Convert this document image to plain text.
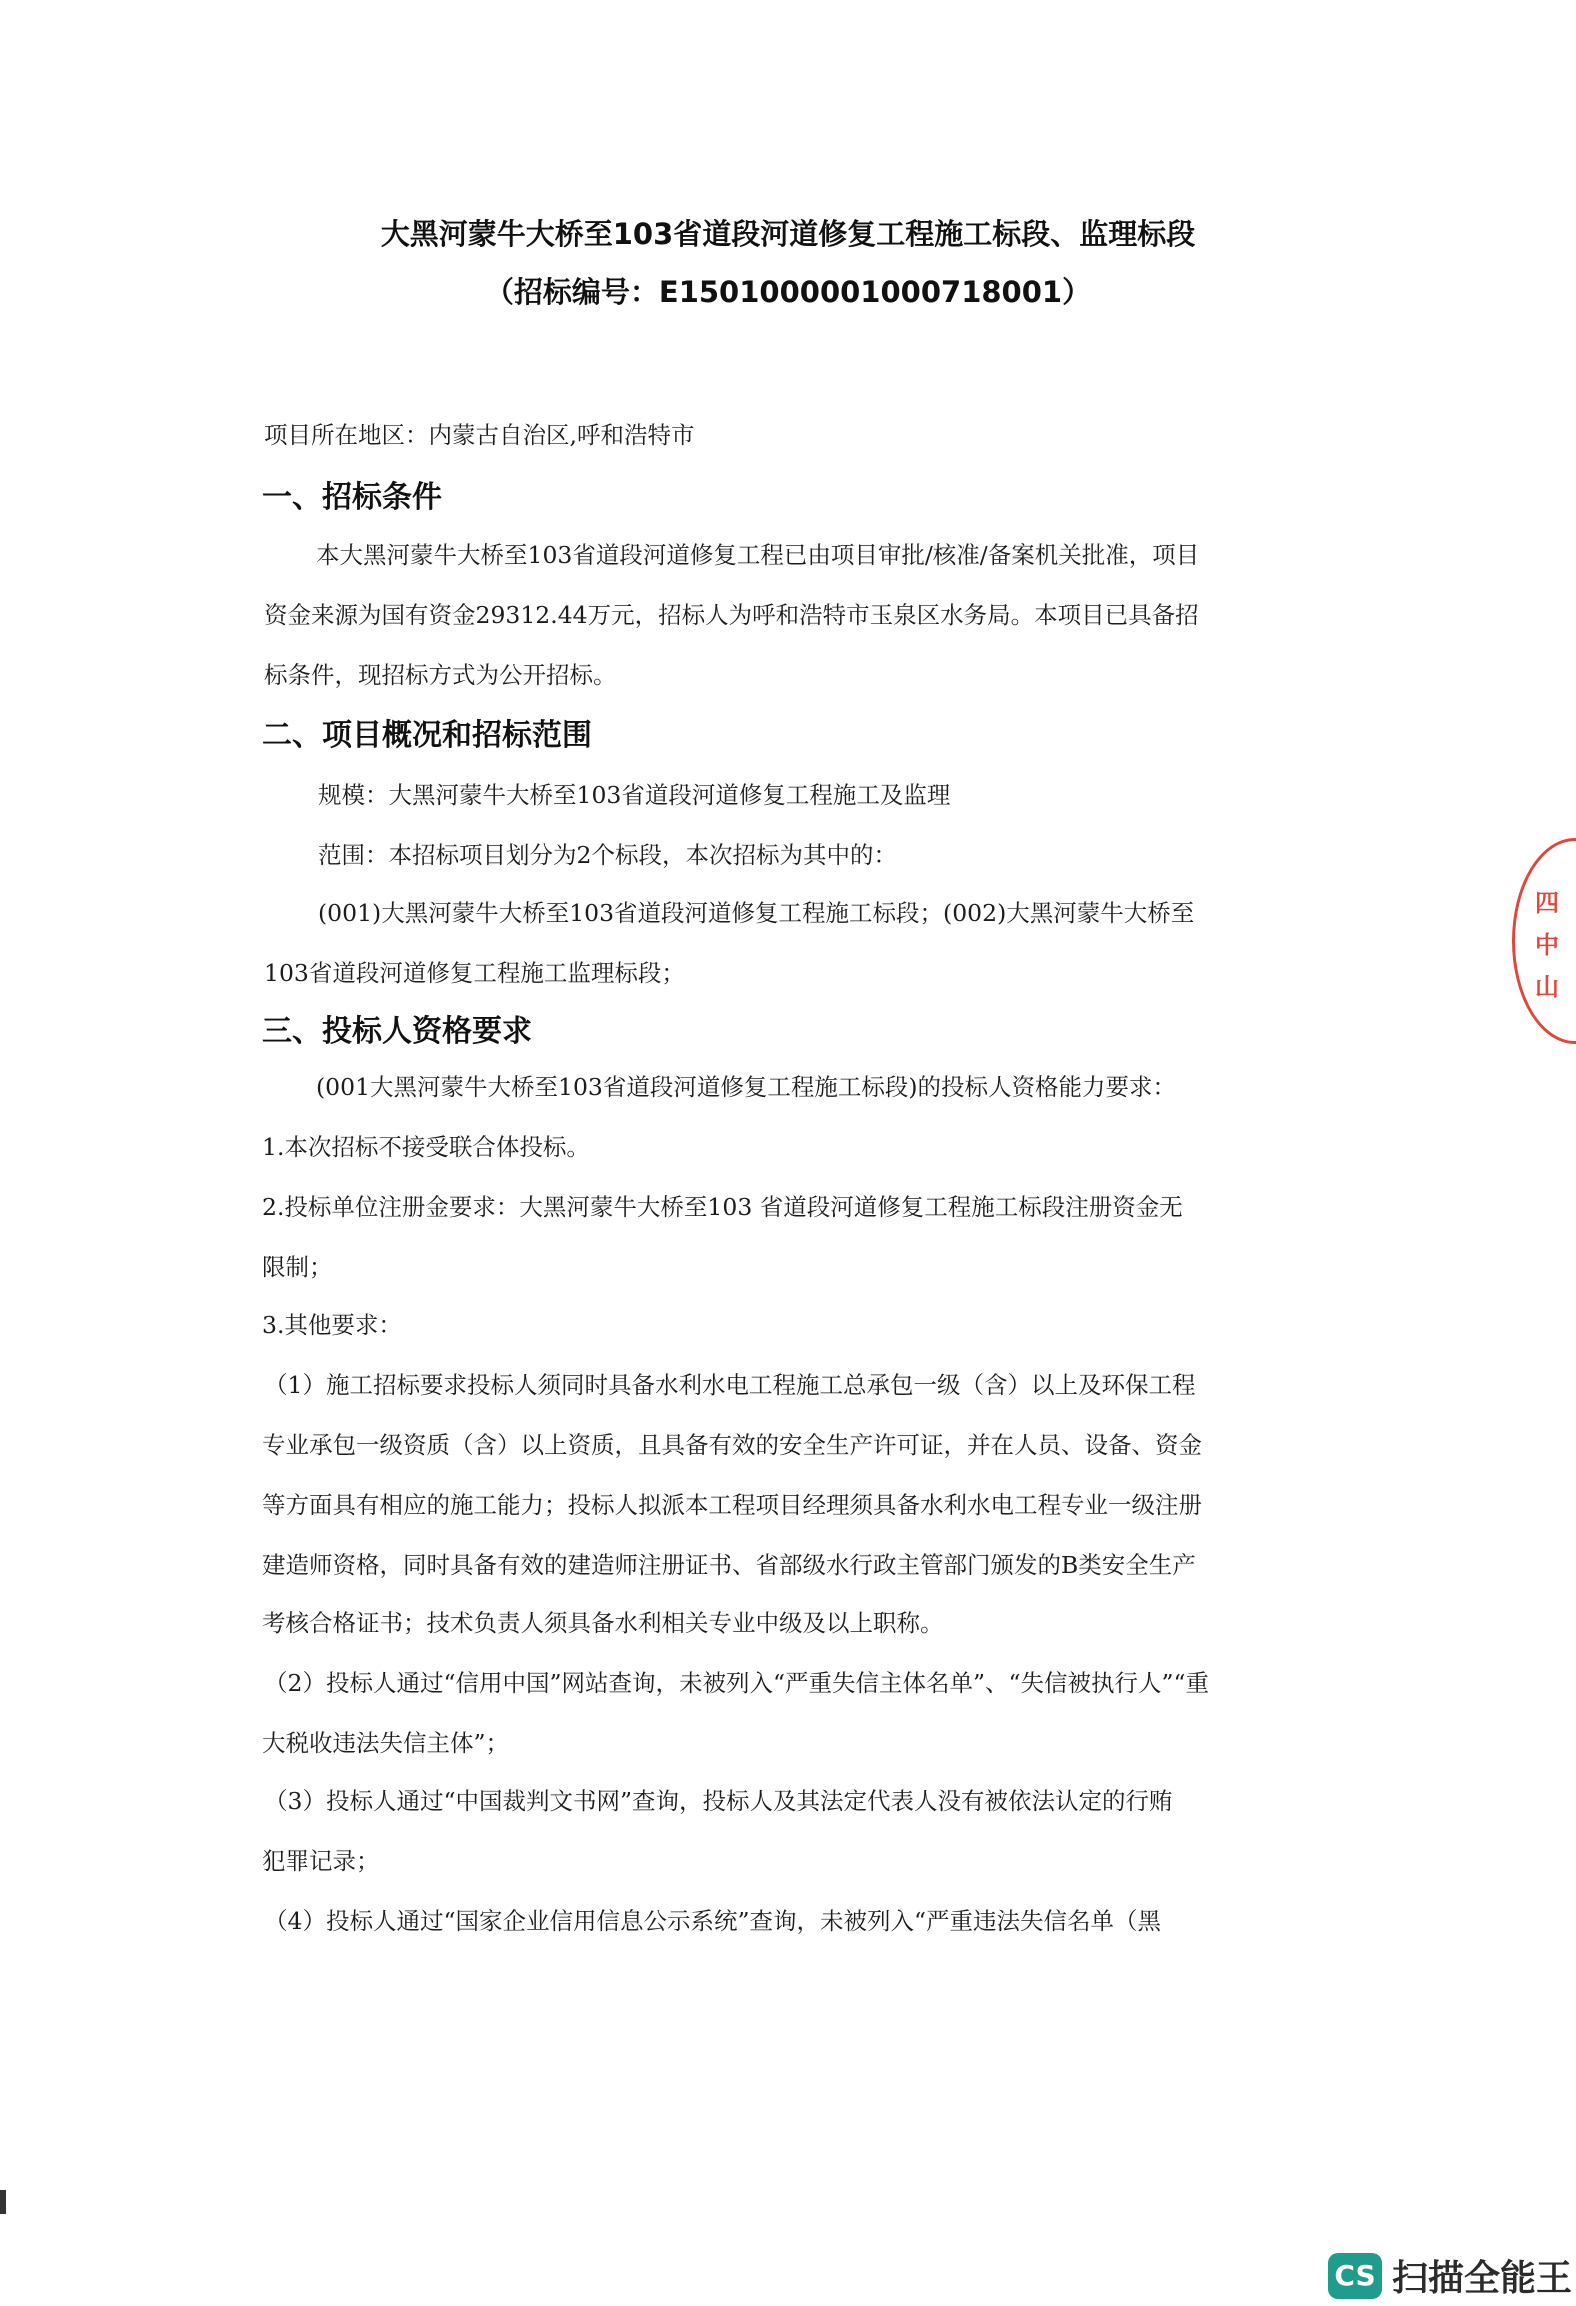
大黑河蒙牛大桥至103省道段河道修复工程施工标段、监理标段
（招标编号：E1501000001000718001）
项目所在地区：内蒙古自治区,呼和浩特市
一、招标条件
本大黑河蒙牛大桥至103省道段河道修复工程已由项目审批/核准/备案机关批准，项目
资金来源为国有资金29312.44万元，招标人为呼和浩特市玉泉区水务局。本项目已具备招
标条件，现招标方式为公开招标。
二、项目概况和招标范围
规模：大黑河蒙牛大桥至103省道段河道修复工程施工及监理
范围：本招标项目划分为2个标段，本次招标为其中的：
(001)大黑河蒙牛大桥至103省道段河道修复工程施工标段；(002)大黑河蒙牛大桥至
103省道段河道修复工程施工监理标段；
三、投标人资格要求
(001大黑河蒙牛大桥至103省道段河道修复工程施工标段)的投标人资格能力要求：
1.本次招标不接受联合体投标。
2.投标单位注册金要求：大黑河蒙牛大桥至103 省道段河道修复工程施工标段注册资金无
限制；
3.其他要求：
（1）施工招标要求投标人须同时具备水利水电工程施工总承包一级（含）以上及环保工程
专业承包一级资质（含）以上资质，且具备有效的安全生产许可证，并在人员、设备、资金
等方面具有相应的施工能力；投标人拟派本工程项目经理须具备水利水电工程专业一级注册
建造师资格，同时具备有效的建造师注册证书、省部级水行政主管部门颁发的B类安全生产
考核合格证书；技术负责人须具备水利相关专业中级及以上职称。
（2）投标人通过“信用中国”网站查询，未被列入“严重失信主体名单”、“失信被执行人”“重
大税收违法失信主体”；
（3）投标人通过“中国裁判文书网”查询，投标人及其法定代表人没有被依法认定的行贿
犯罪记录；
（4）投标人通过“国家企业信用信息公示系统”查询，未被列入“严重违法失信名单（黑
四
中
山
CS 扫描全能王
